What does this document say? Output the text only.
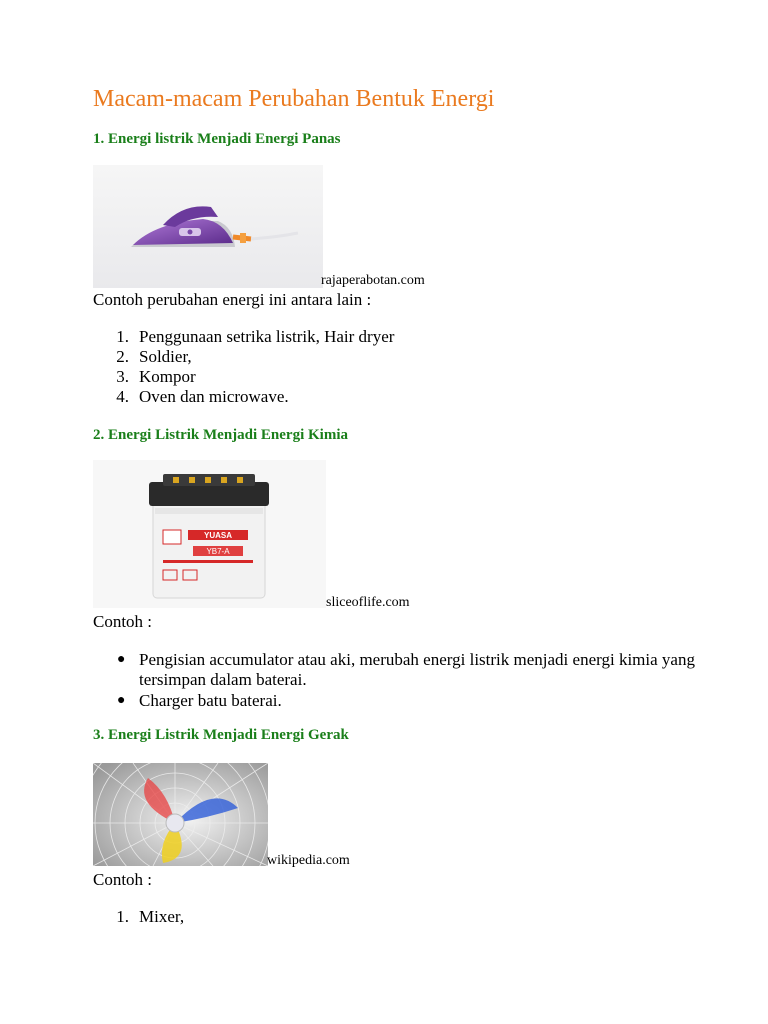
Macam-macam Perubahan Bentuk Energi
1. Energi listrik Menjadi Energi Panas
rajaperabotan.com
Contoh perubahan energi ini antara lain :
1. Penggunaan setrika listrik, Hair dryer
2. Soldier,
3. Kompor
4. Oven dan microwave.
2. Energi Listrik Menjadi Energi Kimia
YUASA
YB7-A
sliceoflife.com
Contoh :
● Pengisian accumulator atau aki, merubah energi listrik menjadi energi kimia yang tersimpan dalam baterai.
● Charger batu baterai.
3. Energi Listrik Menjadi Energi Gerak
wikipedia.com
Contoh :
1. Mixer,
